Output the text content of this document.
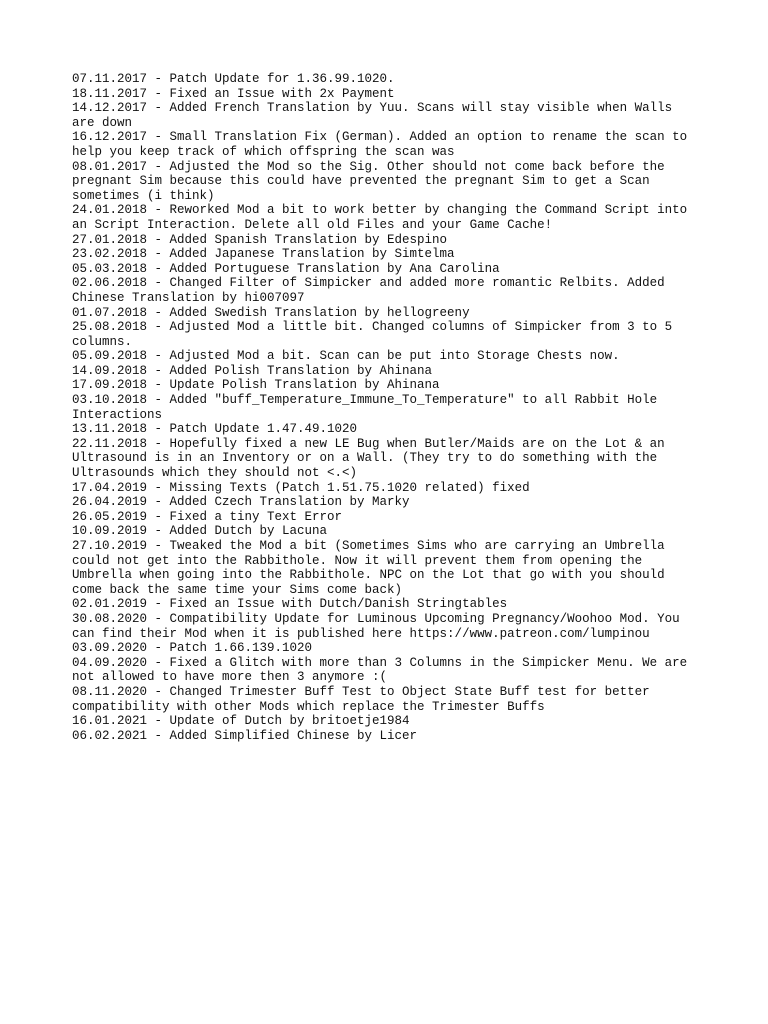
07.11.2017 - Patch Update for 1.36.99.1020.

18.11.2017 - Fixed an Issue with 2x Payment

14.12.2017 - Added French Translation by Yuu. Scans will stay visible when Walls
are down

16.12.2017 - Small Translation Fix (German). Added an option to rename the scan to
help you keep track of which offspring the scan was

08.01.2017 - Adjusted the Mod so the Sig. Other should not come back before the
pregnant Sim because this could have prevented the pregnant Sim to get a Scan
sometimes (i think)

24.01.2018 - Reworked Mod a bit to work better by changing the Command Script into
an Script Interaction. Delete all old Files and your Game Cache!

27.01.2018 - Added Spanish Translation by Edespino

23.02.2018 - Added Japanese Translation by Simtelma

05.03.2018 - Added Portuguese Translation by Ana Carolina

02.06.2018 - Changed Filter of Simpicker and added more romantic Relbits. Added
Chinese Translation by hi007097

01.07.2018 - Added Swedish Translation by hellogreeny

25.08.2018 - Adjusted Mod a little bit. Changed columns of Simpicker from 3 to 5
columns.

05.09.2018 - Adjusted Mod a bit. Scan can be put into Storage Chests now.

14.09.2018 - Added Polish Translation by Ahinana

17.09.2018 - Update Polish Translation by Ahinana

03.10.2018 - Added "buff_Temperature_Immune_To_Temperature" to all Rabbit Hole
Interactions

13.11.2018 - Patch Update 1.47.49.1020

22.11.2018 - Hopefully fixed a new LE Bug when Butler/Maids are on the Lot & an
Ultrasound is in an Inventory or on a Wall. (They try to do something with the
Ultrasounds which they should not <.<)

17.04.2019 - Missing Texts (Patch 1.51.75.1020 related) fixed

26.04.2019 - Added Czech Translation by Marky

26.05.2019 - Fixed a tiny Text Error

10.09.2019 - Added Dutch by Lacuna

27.10.2019 - Tweaked the Mod a bit (Sometimes Sims who are carrying an Umbrella
could not get into the Rabbithole. Now it will prevent them from opening the
Umbrella when going into the Rabbithole. NPC on the Lot that go with you should
come back the same time your Sims come back)

02.01.2019 - Fixed an Issue with Dutch/Danish Stringtables

30.08.2020 - Compatibility Update for Luminous Upcoming Pregnancy/Woohoo Mod. You
can find their Mod when it is published here https://www.patreon.com/lumpinou

03.09.2020 - Patch 1.66.139.1020

04.09.2020 - Fixed a Glitch with more than 3 Columns in the Simpicker Menu. We are
not allowed to have more then 3 anymore :(

08.11.2020 - Changed Trimester Buff Test to Object State Buff test for better
compatibility with other Mods which replace the Trimester Buffs

16.01.2021 - Update of Dutch by britoetje1984

06.02.2021 - Added Simplified Chinese by Licer
